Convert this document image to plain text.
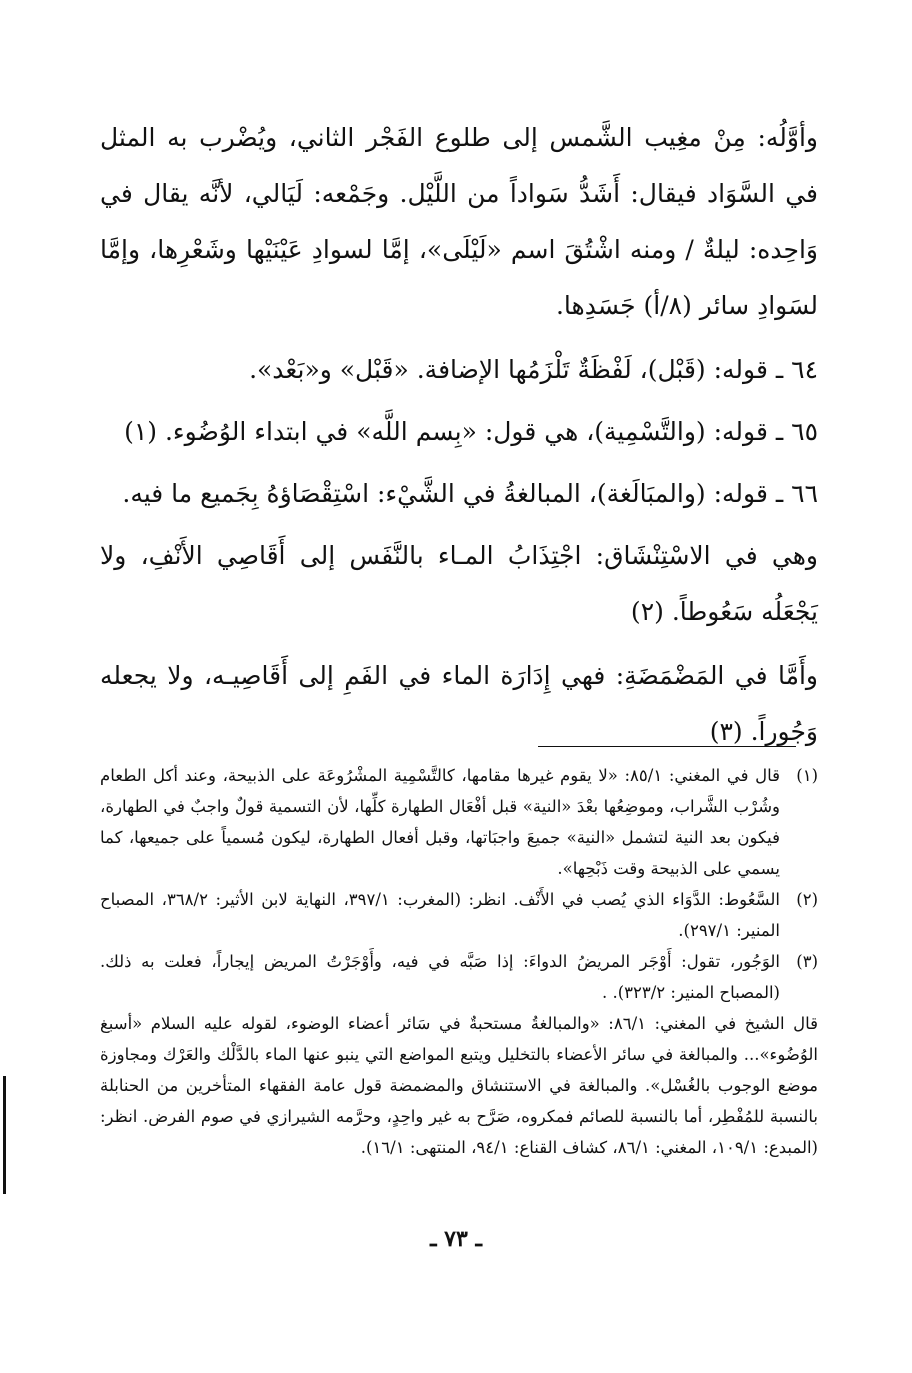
وأوَّلُه: مِنْ مغِيب الشَّمس إلى طلوع الفَجْر الثاني، ويُضْرب به المثل في السَّوَاد فيقال: أَشَدُّ سَواداً من اللَّيْل. وجَمْعه: لَيَالي، لأنَّه يقال في وَاحِده: ليلةٌ / ومنه اشْتُقَ اسم «لَيْلَى»، إمَّا لسوادِ عَيْنَيْها وشَعْرِها، وإمَّا لسَوادِ سائر (٨/أ) جَسَدِها.

٦٤ ـ قوله: (قَبْل)، لَفْظَةٌ تَلْزَمُها الإضافة. «قَبْل» و«بَعْد».

٦٥ ـ قوله: (والتَّسْمِية)، هي قول: «بِسم اللَّه» في ابتداء الوُضُوء. (١)

٦٦ ـ قوله: (والمبَالَغة)، المبالغةُ في الشَّيْء: اسْتِقْصَاؤهُ بِجَميع ما فيه.

وهي في الاسْتِنْشَاق: اجْتِذَابُ المـاء بالنَّفَس إلى أَقَاصِي الأَنْفِ، ولا يَجْعَلُه سَعُوطاً. (٢)

وأَمَّا في المَضْمَضَةِ: فهي إِدَارَة الماء في الفَمِ إلى أَقَاصِيـه، ولا يجعله وَجُوراً. (٣)

(١)
قال في المغني: ٨٥/١: «لا يقوم غيرها مقامها، كالتَّسْمِية المشْرُوعَة على الذبيحة، وعند أكل الطعام وشُرْب الشَّراب، وموضِعُها بعْدَ «النية» قبل أفْعَال الطهارة كلِّها، لأن التسمية قولٌ واجبٌ في الطهارة، فيكون بعد النية لتشمل «النية» جميعَ واجبَاتها، وقبل أفعال الطهارة، ليكون مُسمياً على جميعها، كما يسمي على الذبيحة وقت ذَبْحِها».
(٢)
السَّعُوط: الدَّوَاء الذي يُصب في الأَنْف. انظر: (المغرب: ٣٩٧/١، النهاية لابن الأثير: ٣٦٨/٢، المصباح المنير: ٢٩٧/١).
(٣)
الوَجُور، تقول: أَوْجَر المريضُ الدواءَ: إذا صَبَّه في فيه، وأَوْجَرْتُ المريض إيجاراً، فعلت به ذلك. (المصباح المنير: ٣٢٣/٢). .

قال الشيخ في المغني: ٨٦/١: «والمبالغةُ مستحبةٌ في سَائر أعضاء الوضوء، لقوله عليه السلام «أسبغ الوُضُوء»... والمبالغة في سائر الأعضاء بالتخليل ويتبع المواضع التي ينبو عنها الماء بالدَّلْك والعَرْك ومجاوزة موضع الوجوب بالغُسْل». والمبالغة في الاستنشاق والمضمضة قول عامة الفقهاء المتأخرين من الحنابلة بالنسبة للمُفْطِر، أما بالنسبة للصائم فمكروه، صَرَّح به غير واحِدٍ، وحرَّمه الشيرازي في صوم الفرض. انظر: (المبدع: ١٠٩/١، المغني: ٨٦/١، كشاف القناع: ٩٤/١، المنتهى: ١٦/١).

ـ ٧٣ ـ
